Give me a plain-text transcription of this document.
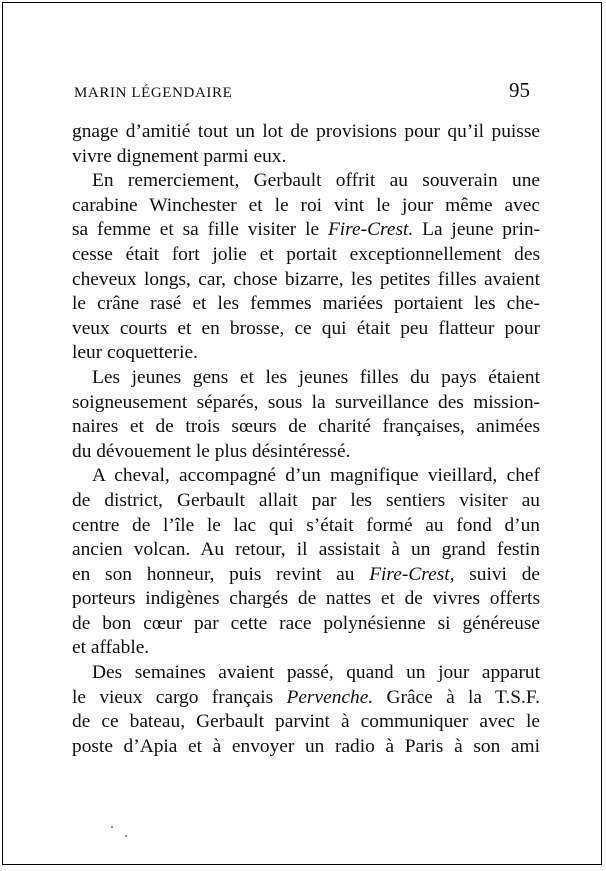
MARIN LÉGENDAIRE	95
gnage d’amitié tout un lot de provisions pour qu’il puisse
vivre dignement parmi eux.
En remerciement, Gerbault offrit au souverain une
carabine Winchester et le roi vint le jour même avec
sa femme et sa fille visiter le Fire-Crest. La jeune prin-
cesse était fort jolie et portait exceptionnellement des
cheveux longs, car, chose bizarre, les petites filles avaient
le crâne rasé et les femmes mariées portaient les che-
veux courts et en brosse, ce qui était peu flatteur pour
leur coquetterie.
Les jeunes gens et les jeunes filles du pays étaient
soigneusement séparés, sous la surveillance des mission-
naires et de trois sœurs de charité françaises, animées
du dévouement le plus désintéressé.
A cheval, accompagné d’un magnifique vieillard, chef
de district, Gerbault allait par les sentiers visiter au
centre de l’île le lac qui s’était formé au fond d’un
ancien volcan. Au retour, il assistait à un grand festin
en son honneur, puis revint au Fire-Crest, suivi de
porteurs indigènes chargés de nattes et de vivres offerts
de bon cœur par cette race polynésienne si généreuse
et affable.
Des semaines avaient passé, quand un jour apparut
le vieux cargo français Pervenche. Grâce à la T.S.F.
de ce bateau, Gerbault parvint à communiquer avec le
poste d’Apia et à envoyer un radio à Paris à son ami
